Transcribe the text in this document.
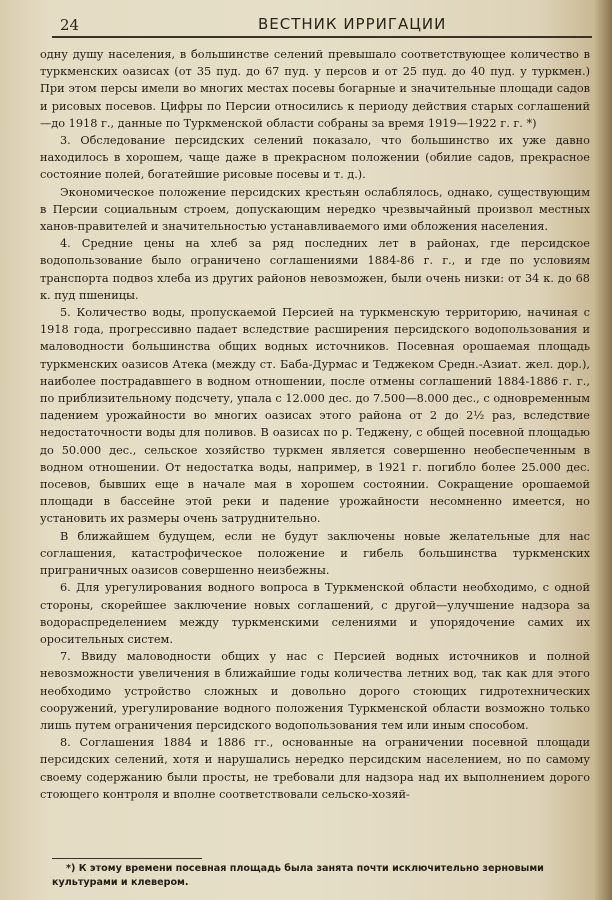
24	ВЕСТНИК ИРРИГАЦИИ

одну душу населения, в большинстве селений превышало соответствующее количество в туркменских оазисах (от 35 пуд. до 67 пуд. у персов и от 25 пуд. до 40 пуд. у туркмен.) При этом персы имели во многих местах посевы богарные и значительные площади садов и рисовых посевов. Цифры по Персии относились к периоду действия старых соглашений—до 1918 г., данные по Туркменской области собраны за время 1919—1922 г. г. *)

3. Обследование персидских селений показало, что большинство их уже давно находилось в хорошем, чаще даже в прекрасном положении (обилие садов, прекрасное состояние полей, богатейшие рисовые посевы и т. д.).

Экономическое положение персидских крестьян ослаблялось, однако, существующим в Персии социальным строем, допускающим нередко чрезвычайный произвол местных ханов-правителей и значительностью устанавливаемого ими обложения населения.

4. Средние цены на хлеб за ряд последних лет в районах, где персидское водопользование было ограничено соглашениями 1884-86 г. г., и где по условиям транспорта подвоз хлеба из других районов невозможен, были очень низки: от 34 к. до 68 к. пуд пшеницы.

5. Количество воды, пропускаемой Персией на туркменскую территорию, начиная с 1918 года, прогрессивно падает вследствие расширения персидского водопользования и маловодности большинства общих водных источников. Посевная орошаемая площадь туркменских оазисов Атека (между ст. Баба-Дурмас и Теджеком Средн.-Азиат. жел. дор.), наиболее пострадавшего в водном отношении, после отмены соглашений 1884-1886 г. г., по приблизительному подсчету, упала с 12.000 дес. до 7.500—8.000 дес., с одновременным падением урожайности во многих оазисах этого района от 2 до 2½ раз, вследствие недостаточности воды для поливов. В оазисах по р. Теджену, с общей посевной площадью до 50.000 дес., сельское хозяйство туркмен является совершенно необеспеченным в водном отношении. От недостатка воды, например, в 1921 г. погибло более 25.000 дес. посевов, бывших еще в начале мая в хорошем состоянии. Сокращение орошаемой площади в бассейне этой реки и падение урожайности несомненно имеется, но установить их размеры очень затруднительно.

В ближайшем будущем, если не будут заключены новые желательные для нас соглашения, катастрофическое положение и гибель большинства туркменских приграничных оазисов совершенно неизбежны.

6. Для урегулирования водного вопроса в Туркменской области необходимо, с одной стороны, скорейшее заключение новых соглашений, с другой—улучшение надзора за водораспределением между туркменскими селениями и упорядочение самих их оросительных систем.

7. Ввиду маловодности общих у нас с Персией водных источников и полной невозможности увеличения в ближайшие годы количества летних вод, так как для этого необходимо устройство сложных и довольно дорого стоющих гидротехнических сооружений, урегулирование водного положения Туркменской области возможно только лишь путем ограничения персидского водопользования тем или иным способом.

8. Соглашения 1884 и 1886 гг., основанные на ограничении посевной площади персидских селений, хотя и нарушались нередко персидским населением, но по самому своему содержанию были просты, не требовали для надзора над их выполнением дорого стоющего контроля и вполне соответствовали сельско-хозяй-

*) К этому времени посевная площадь была занята почти исключительно зерновыми культурами и клевером.
